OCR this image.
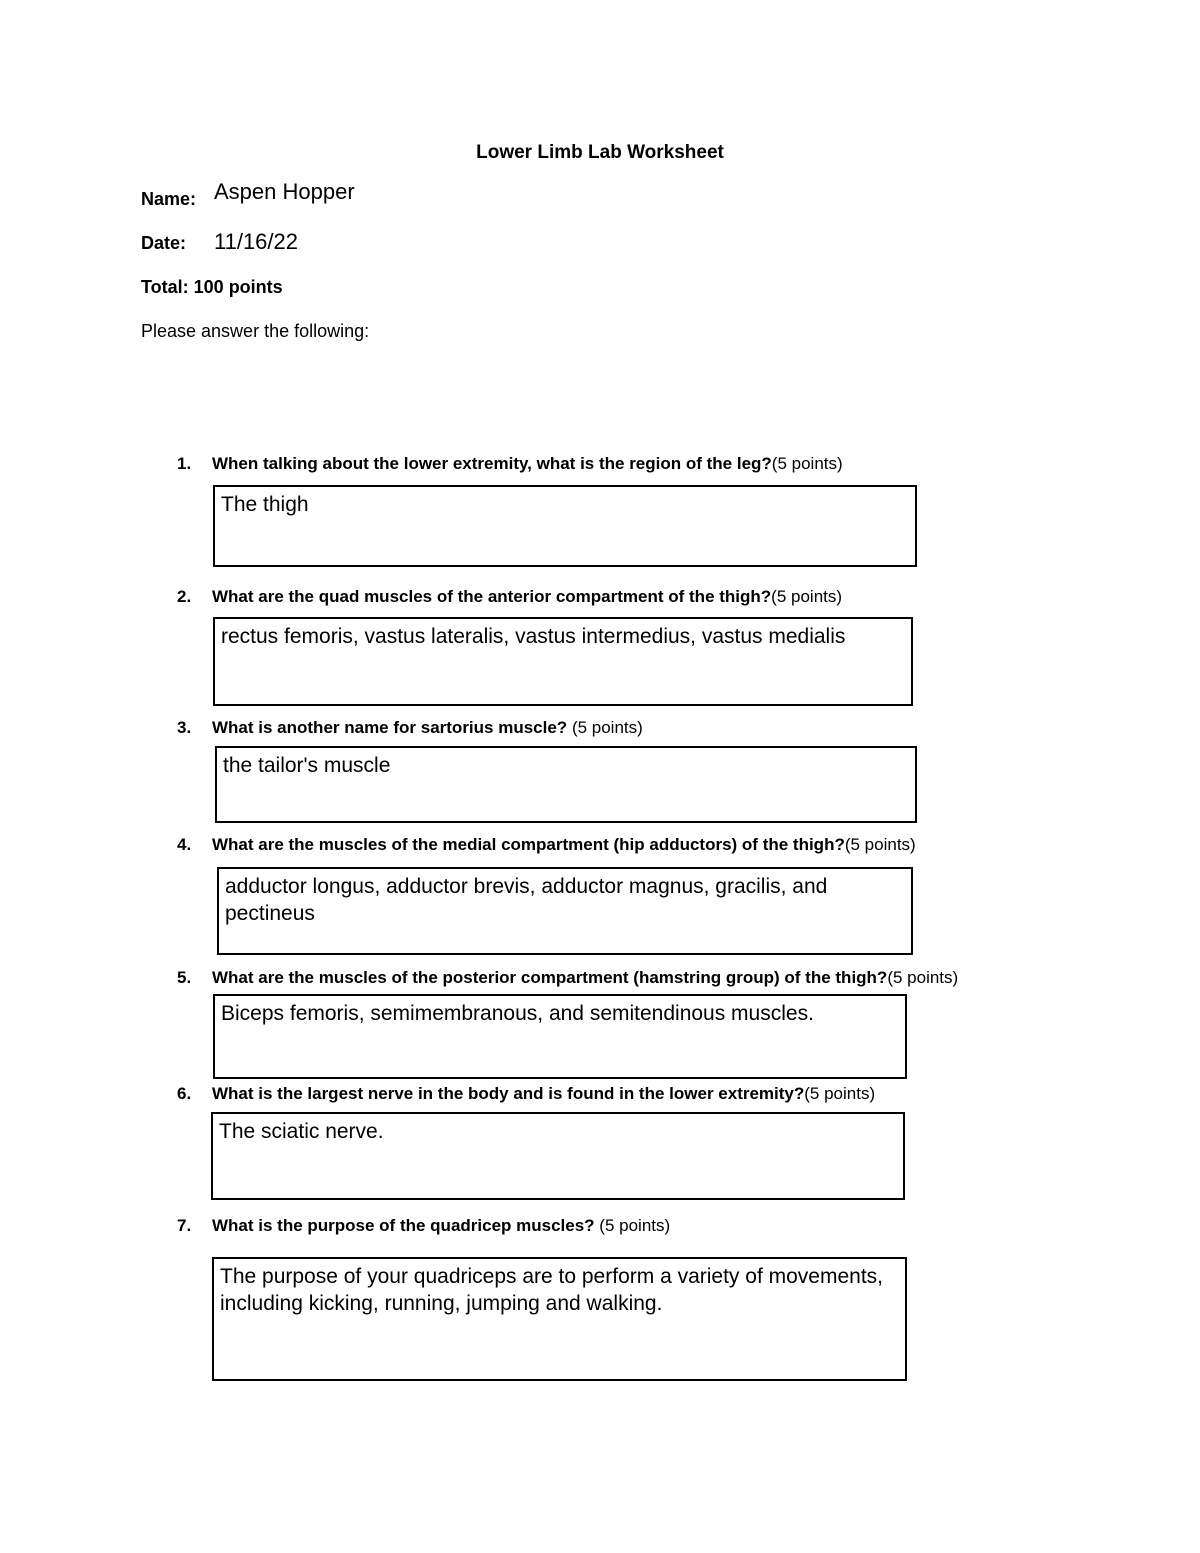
Lower Limb Lab Worksheet
Name: Aspen Hopper
Date: 11/16/22
Total: 100 points
Please answer the following:
1. When talking about the lower extremity, what is the region of the leg?(5 points)
The thigh
2. What are the quad muscles of the anterior compartment of the thigh?(5 points)
rectus femoris, vastus lateralis, vastus intermedius, vastus medialis
3. What is another name for sartorius muscle? (5 points)
the tailor's muscle
4. What are the muscles of the medial compartment (hip adductors) of the thigh?(5 points)
adductor longus, adductor brevis, adductor magnus, gracilis, and pectineus
5. What are the muscles of the posterior compartment (hamstring group) of the thigh?(5 points)
Biceps femoris, semimembranous, and semitendinous muscles.
6. What is the largest nerve in the body and is found in the lower extremity?(5 points)
The sciatic nerve.
7. What is the purpose of the quadricep muscles? (5 points)
The purpose of your quadriceps are to perform a variety of movements, including kicking, running, jumping and walking.
